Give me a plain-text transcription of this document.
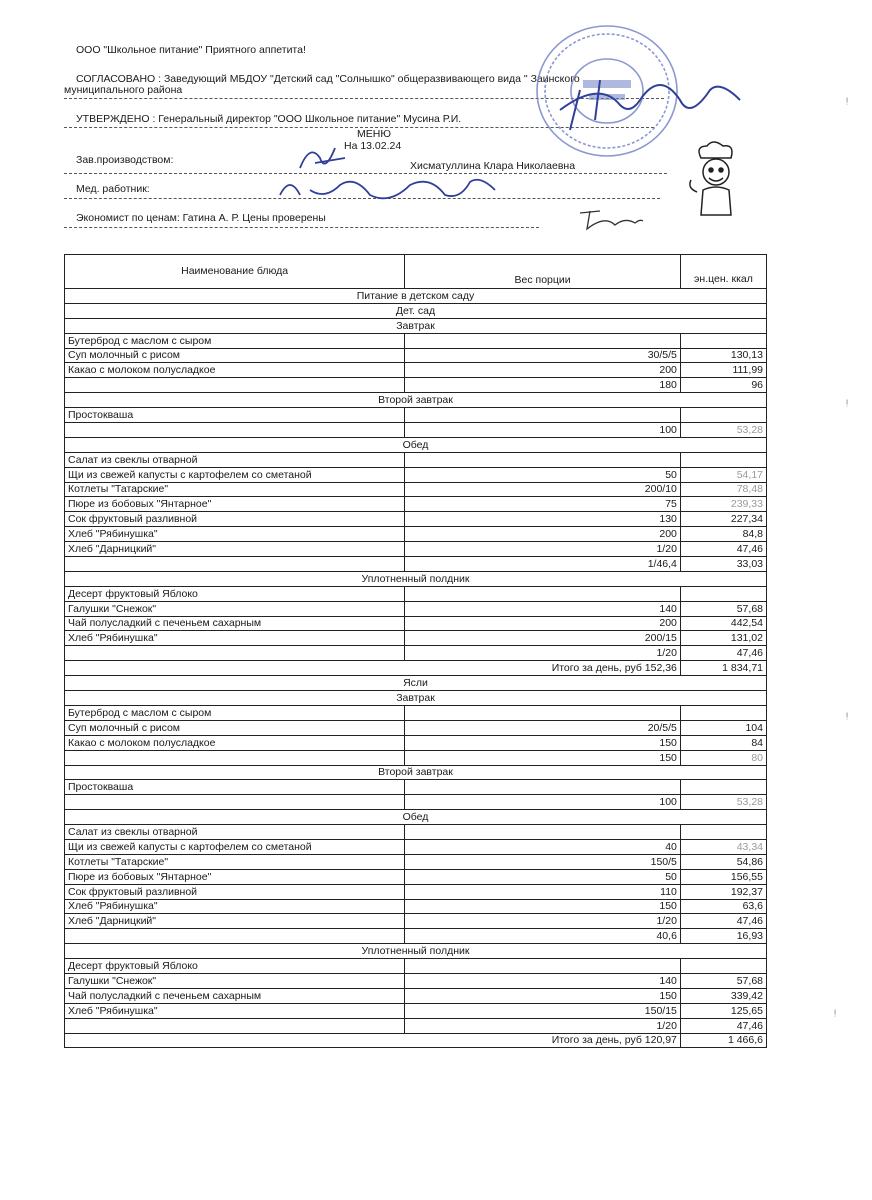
ООО "Школьное питание" Приятного аппетита!
СОГЛАСОВАНО : Заведующий МБДОУ "Детский сад "Солнышко" общеразвивающего вида " Заинского
муниципального района
УТВЕРЖДЕНО : Генеральный директор "ООО Школьное питание" Мусина Р.И.
МЕНЮ
На 13.02.24
Зав.производством:	Хисматуллина Клара Николаевна
Мед. работник:
Экономист по ценам: Гатина А. Р. Цены проверены
ᵎ
ᵎ
ᵎ
ᵎ
Наименование блюда	Вес порции	эн.цен. ккал
Питание в детском саду		
Дет. сад		
Завтрак		
Бутерброд с маслом с сыром		
Суп молочный с рисом	30/5/5	130,13
Какао с молоком полусладкое	200	111,99
	180	96
Второй завтрак		
Простокваша		
	100	53,28
Обед		
Салат из свеклы отварной		
Щи из свежей капусты с картофелем со сметаной	50	54,17
Котлеты "Татарские"	200/10	78,48
Пюре из бобовых "Янтарное"	75	239,33
Сок фруктовый разливной	130	227,34
Хлеб "Рябинушка"	200	84,8
Хлеб "Дарницкий"	1/20	47,46
	1/46,4	33,03
Уплотненный полдник		
Десерт фруктовый Яблоко		
Галушки "Снежок"	140	57,68
Чай полусладкий с печеньем сахарным	200	442,54
Хлеб "Рябинушка"	200/15	131,02
	1/20	47,46
Итого за день, руб 152,36		1 834,71
Ясли		
Завтрак		
Бутерброд с маслом с сыром		
Суп молочный с рисом	20/5/5	104
Какао с молоком полусладкое	150	84
	150	80
Второй завтрак		
Простокваша		
	100	53,28
Обед		
Салат из свеклы отварной		
Щи из свежей капусты с картофелем со сметаной	40	43,34
Котлеты "Татарские"	150/5	54,86
Пюре из бобовых "Янтарное"	50	156,55
Сок фруктовый разливной	110	192,37
Хлеб "Рябинушка"	150	63,6
Хлеб "Дарницкий"	1/20	47,46
	40,6	16,93
Уплотненный полдник		
Десерт фруктовый Яблоко		
Галушки "Снежок"	140	57,68
Чай полусладкий с печеньем сахарным	150	339,42
Хлеб "Рябинушка"	150/15	125,65
	1/20	47,46
Итого за день, руб 120,97		1 466,6
